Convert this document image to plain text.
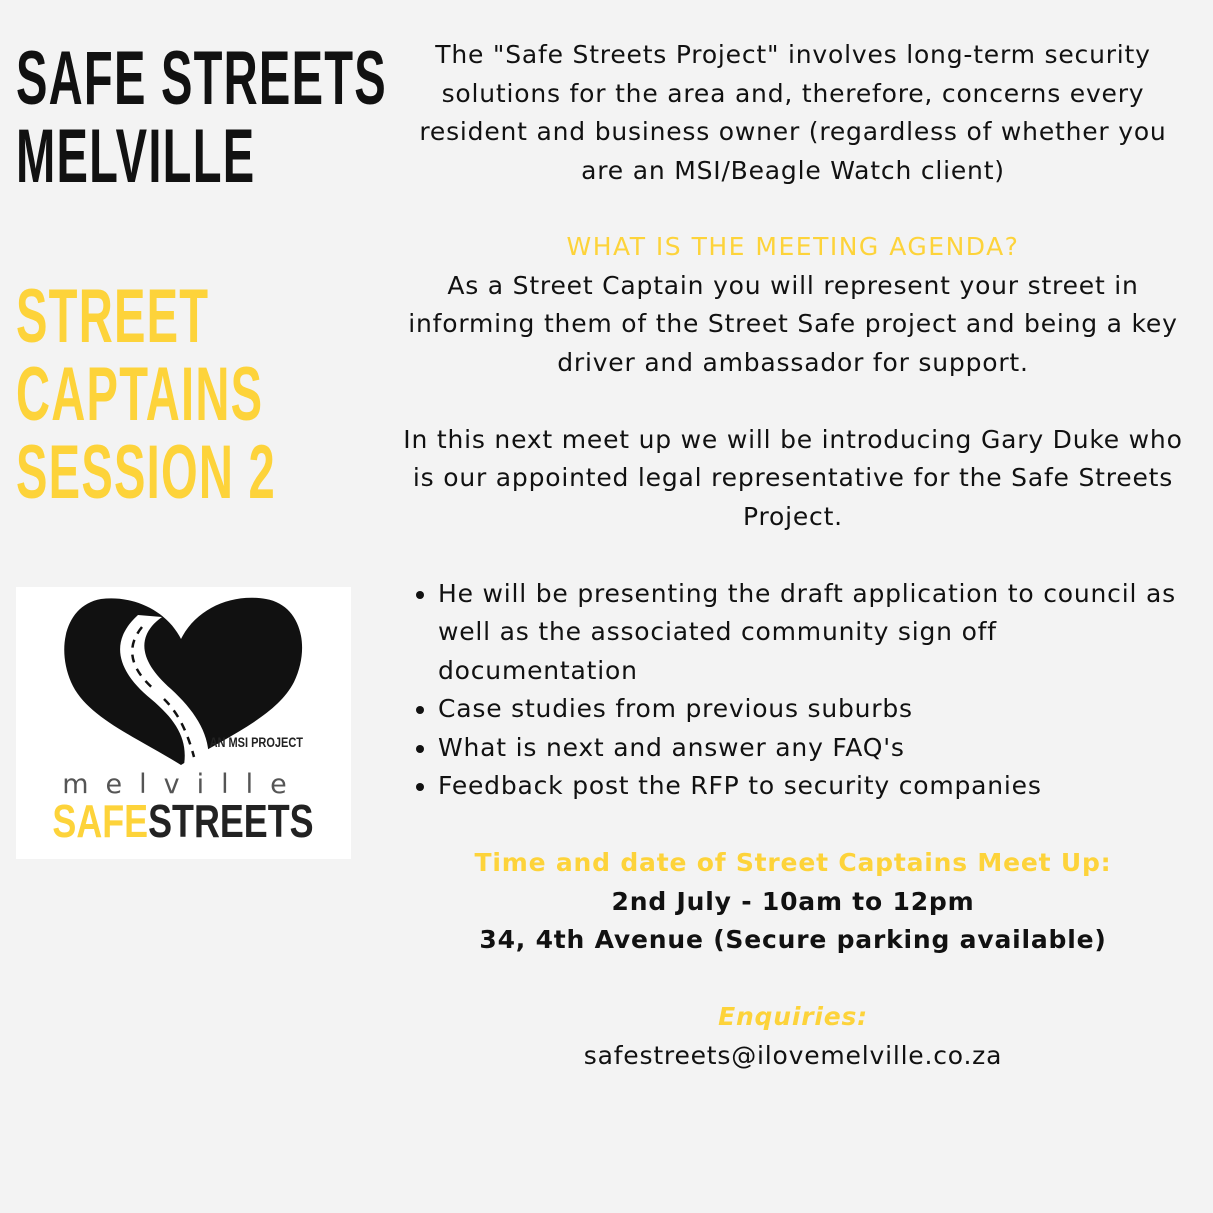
SAFE STREETS
MELVILLE
STREET
CAPTAINS
SESSION 2
AN MSI PROJECT
melville
SAFESTREETS

The "Safe Streets Project" involves long-term security solutions for the area and, therefore, concerns every resident and business owner (regardless of whether you are an MSI/Beagle Watch client)

WHAT IS THE MEETING AGENDA?

As a Street Captain you will represent your street in informing them of the Street Safe project and being a key driver and ambassador for support.

In this next meet up we will be introducing Gary Duke who is our appointed legal representative for the Safe Streets Project.

• He will be presenting the draft application to council as well as the associated community sign off documentation
• Case studies from previous suburbs
• What is next and answer any FAQ's
• Feedback post the RFP to security companies
Time and date of Street Captains Meet Up:
2nd July - 10am to 12pm
34, 4th Avenue (Secure parking available)
Enquiries:
safestreets@ilovemelville.co.za
